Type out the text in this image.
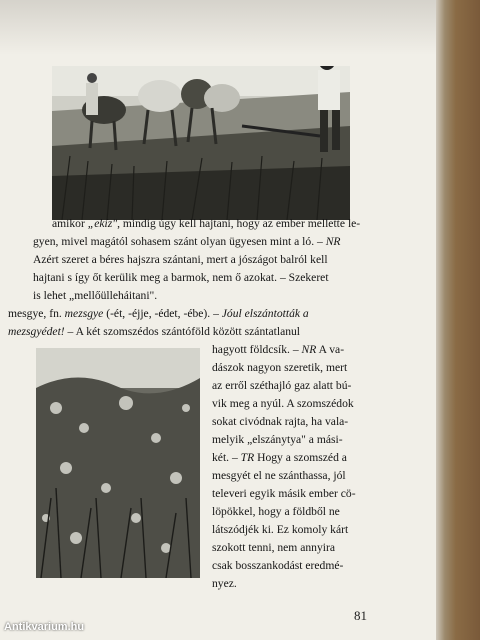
amikor „ekíz", mindig úgy kell hajtani, hogy az ember mellette le-
gyen, mivel magától sohasem szánt olyan ügyesen mint a ló. – NR
Azért szeret a béres hajszra szántani, mert a jószágot balról kell
hajtani s így őt kerülik meg a barmok, nem ő azokat. – Szekeret
is lehet „mellőülleháitani".
mesgye, fn. mezsgye (-ét, -éjje, -édet, -ébe). – Jóul elszántották a
mezsgyédet! – A két szomszédos szántóföld között szántatlanul
hagyott földcsík. – NR A va-
dászok nagyon szeretik, mert
az erről széthajló gaz alatt bú-
vik meg a nyúl. A szomszédok
sokat civódnak rajta, ha vala-
melyik „elszánytya" a mási-
két. – TR Hogy a szomszéd a
mesgyét el ne szánthassa, jól
televeri egyik másik ember cö-
löpökkel, hogy a földből ne
látszódjék ki. Ez komoly kárt
szokott tenni, nem annyira
csak bosszankodást eredmé-
nyez.
81
Antikvarium.hu
